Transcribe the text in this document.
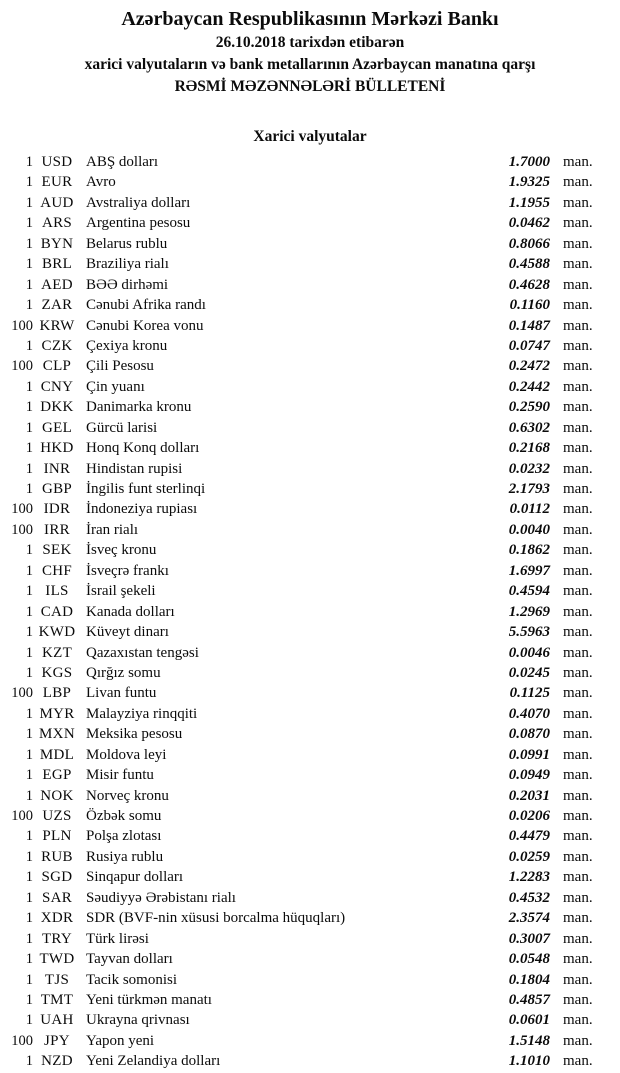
Azərbaycan Respublikasının Mərkəzi Bankı
26.10.2018 tarixdən etibarən
xarici valyutaların və bank metallarının Azərbaycan manatına qarşı
RƏSMİ MƏZƏNNƏLƏRİ BÜLLETENİ
Xarici valyutalar
1 USD ABŞ dolları	1.7000 man.
1 EUR Avro	1.9325 man.
1 AUD Avstraliya dolları	1.1955 man.
1 ARS Argentina pesosu	0.0462 man.
1 BYN Belarus rublu	0.8066 man.
1 BRL Braziliya rialı	0.4588 man.
1 AED BƏƏ dirhəmi	0.4628 man.
1 ZAR Cənubi Afrika randı	0.1160 man.
100 KRW Cənubi Korea vonu	0.1487 man.
1 CZK Çexiya kronu	0.0747 man.
100 CLP Çili Pesosu	0.2472 man.
1 CNY Çin yuanı	0.2442 man.
1 DKK Danimarka kronu	0.2590 man.
1 GEL Gürcü larisi	0.6302 man.
1 HKD Honq Konq dolları	0.2168 man.
1 INR	Hindistan rupisi	0.0232 man.
1 GBP İngilis funt sterlinqi	2.1793 man.
100 IDR	İndoneziya rupiası	0.0112 man.
100 IRR	İran rialı	0.0040 man.
1 SEK İsveç kronu	0.1862 man.
1 CHF İsveçrə frankı	1.6997 man.
1 ILS	İsrail şekeli	0.4594 man.
1 CAD Kanada dolları	1.2969 man.
1 KWD Küveyt dinarı	5.5963 man.
1 KZT Qazaxıstan tengəsi	0.0046 man.
1 KGS Qırğız somu	0.0245 man.
100 LBP Livan funtu	0.1125 man.
1 MYR Malayziya rinqqiti	0.4070 man.
1 MXN Meksika pesosu	0.0870 man.
1 MDL Moldova leyi	0.0991 man.
1 EGP Misir funtu	0.0949 man.
1 NOK Norveç kronu	0.2031 man.
100 UZS Özbək somu	0.0206 man.
1 PLN Polşa zlotası	0.4479 man.
1 RUB Rusiya rublu	0.0259 man.
1 SGD Sinqapur dolları	1.2283 man.
1 SAR Səudiyyə Ərəbistanı rialı	0.4532 man.
1 XDR SDR (BVF-nin xüsusi borcalma hüquqları)	2.3574 man.
1 TRY Türk lirəsi	0.3007 man.
1 TWD Tayvan dolları	0.0548 man.
1 TJS	Tacik somonisi	0.1804 man.
1 TMT Yeni türkmən manatı	0.4857 man.
1 UAH Ukrayna qrivnası	0.0601 man.
100 JPY	Yapon yeni	1.5148 man.
1 NZD Yeni Zelandiya dolları	1.1010 man.
